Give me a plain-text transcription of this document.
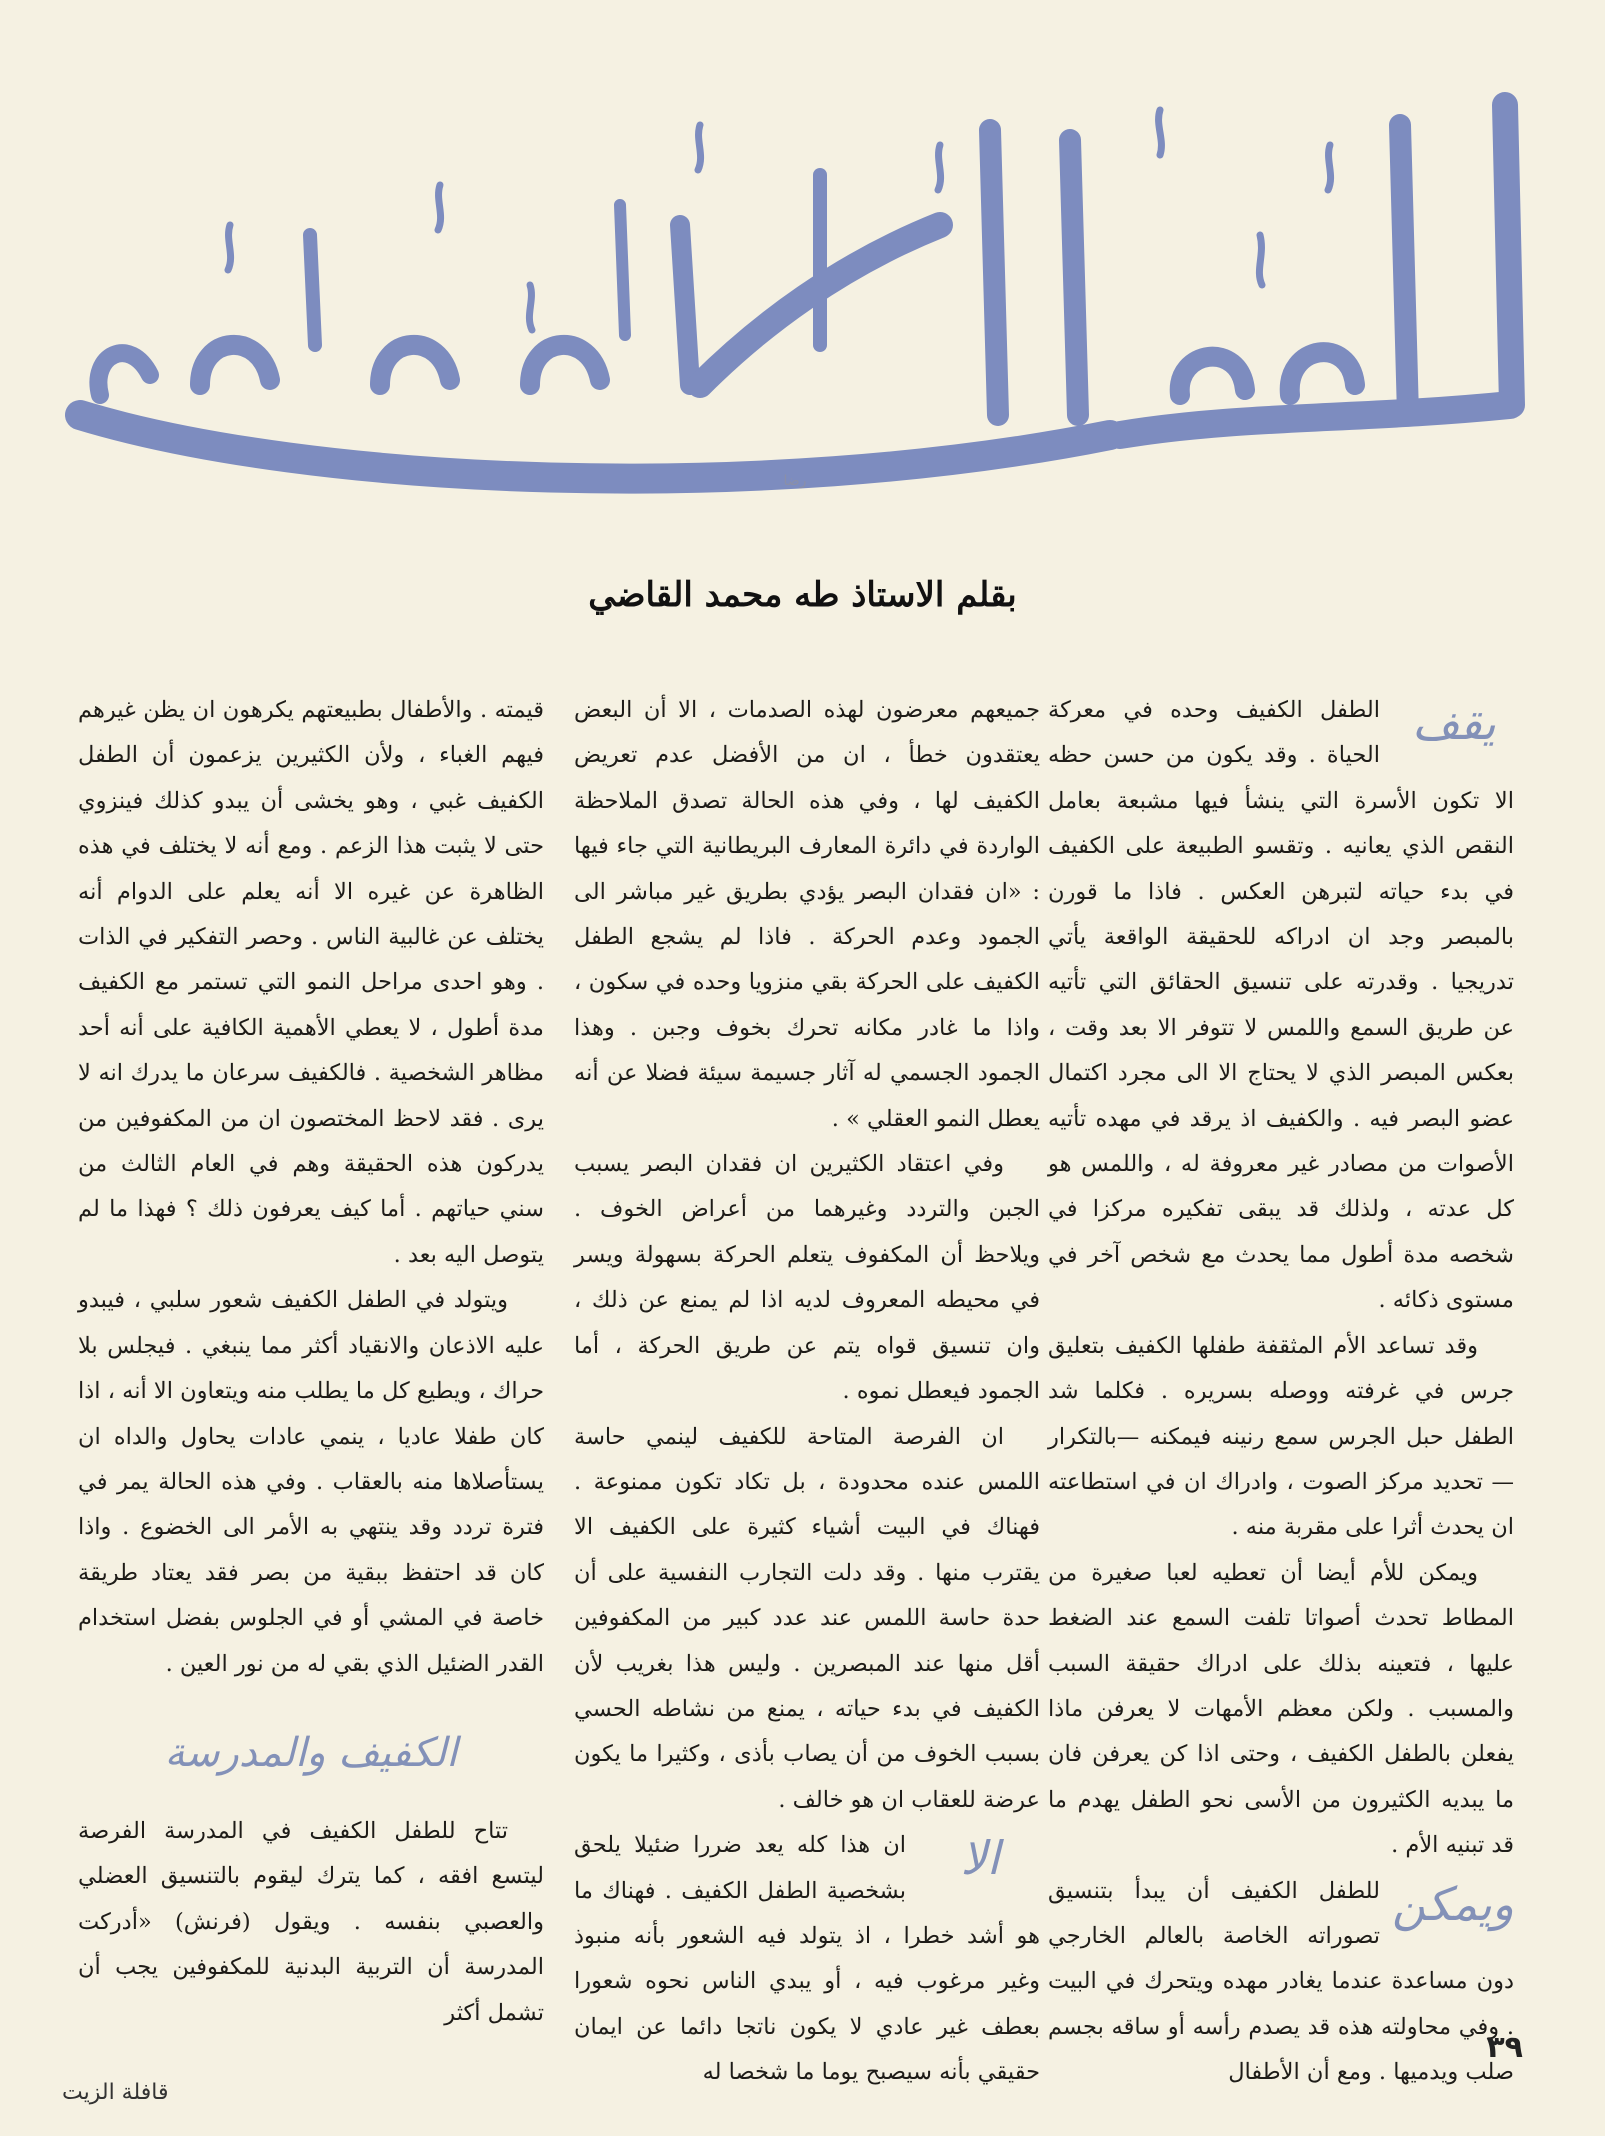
رضا
بقلم الاستاذ طه محمد القاضي
يقف

الطفل الكفيف وحده في معركة الحياة . وقد يكون من حسن حظه الا تكون الأسرة التي ينشأ فيها مشبعة بعامل النقص الذي يعانيه . وتقسو الطبيعة على الكفيف في بدء حياته لتبرهن العكس . فاذا ما قورن بالمبصر وجد ان ادراكه للحقيقة الواقعة يأتي تدريجيا . وقدرته على تنسيق الحقائق التي تأتيه عن طريق السمع واللمس لا تتوفر الا بعد وقت ، بعكس المبصر الذي لا يحتاج الا الى مجرد اكتمال عضو البصر فيه . والكفيف اذ يرقد في مهده تأتيه الأصوات من مصادر غير معروفة له ، واللمس هو كل عدته ، ولذلك قد يبقى تفكيره مركزا في شخصه مدة أطول مما يحدث مع شخص آخر في مستوى ذكائه .

وقد تساعد الأم المثقفة طفلها الكفيف بتعليق جرس في غرفته ووصله بسريره . فكلما شد الطفل حبل الجرس سمع رنينه فيمكنه —بالتكرار— تحديد مركز الصوت ، وادراك ان في استطاعته ان يحدث أثرا على مقربة منه .

ويمكن للأم أيضا أن تعطيه لعبا صغيرة من المطاط تحدث أصواتا تلفت السمع عند الضغط عليها ، فتعينه بذلك على ادراك حقيقة السبب والمسبب . ولكن معظم الأمهات لا يعرفن ماذا يفعلن بالطفل الكفيف ، وحتى اذا كن يعرفن فان ما يبديه الكثيرون من الأسى نحو الطفل يهدم ما قد تبنيه الأم .

ويمكن

للطفل الكفيف أن يبدأ بتنسيق تصوراته الخاصة بالعالم الخارجي دون مساعدة عندما يغادر مهده ويتحرك في البيت . وفي محاولته هذه قد يصدم رأسه أو ساقه بجسم صلب ويدميها . ومع أن الأطفال

جميعهم معرضون لهذه الصدمات ، الا أن البعض يعتقدون خطأ ، ان من الأفضل عدم تعريض الكفيف لها ، وفي هذه الحالة تصدق الملاحظة الواردة في دائرة المعارف البريطانية التي جاء فيها : «ان فقدان البصر يؤدي بطريق غير مباشر الى الجمود وعدم الحركة . فاذا لم يشجع الطفل الكفيف على الحركة بقي منزويا وحده في سكون ، واذا ما غادر مكانه تحرك بخوف وجبن . وهذا الجمود الجسمي له آثار جسيمة سيئة فضلا عن أنه يعطل النمو العقلي » .

وفي اعتقاد الكثيرين ان فقدان البصر يسبب الجبن والتردد وغيرهما من أعراض الخوف . ويلاحظ أن المكفوف يتعلم الحركة بسهولة ويسر في محيطه المعروف لديه اذا لم يمنع عن ذلك ، وان تنسيق قواه يتم عن طريق الحركة ، أما الجمود فيعطل نموه .

ان الفرصة المتاحة للكفيف لينمي حاسة اللمس عنده محدودة ، بل تكاد تكون ممنوعة . فهناك في البيت أشياء كثيرة على الكفيف الا يقترب منها . وقد دلت التجارب النفسية على أن حدة حاسة اللمس عند عدد كبير من المكفوفين أقل منها عند المبصرين . وليس هذا بغريب لأن الكفيف في بدء حياته ، يمنع من نشاطه الحسي بسبب الخوف من أن يصاب بأذى ، وكثيرا ما يكون عرضة للعقاب ان هو خالف .

الا

ان هذا كله يعد ضررا ضئيلا يلحق بشخصية الطفل الكفيف . فهناك ما هو أشد خطرا ، اذ يتولد فيه الشعور بأنه منبوذ وغير مرغوب فيه ، أو يبدي الناس نحوه شعورا بعطف غير عادي لا يكون ناتجا دائما عن ايمان حقيقي بأنه سيصبح يوما ما شخصا له

قيمته . والأطفال بطبيعتهم يكرهون ان يظن غيرهم فيهم الغباء ، ولأن الكثيرين يزعمون أن الطفل الكفيف غبي ، وهو يخشى أن يبدو كذلك فينزوي حتى لا يثبت هذا الزعم . ومع أنه لا يختلف في هذه الظاهرة عن غيره الا أنه يعلم على الدوام أنه يختلف عن غالبية الناس . وحصر التفكير في الذات . وهو احدى مراحل النمو التي تستمر مع الكفيف مدة أطول ، لا يعطي الأهمية الكافية على أنه أحد مظاهر الشخصية . فالكفيف سرعان ما يدرك انه لا يرى . فقد لاحظ المختصون ان من المكفوفين من يدركون هذه الحقيقة وهم في العام الثالث من سني حياتهم . أما كيف يعرفون ذلك ؟ فهذا ما لم يتوصل اليه بعد .

ويتولد في الطفل الكفيف شعور سلبي ، فيبدو عليه الاذعان والانقياد أكثر مما ينبغي . فيجلس بلا حراك ، ويطيع كل ما يطلب منه ويتعاون الا أنه ، اذا كان طفلا عاديا ، ينمي عادات يحاول والداه ان يستأصلاها منه بالعقاب . وفي هذه الحالة يمر في فترة تردد وقد ينتهي به الأمر الى الخضوع . واذا كان قد احتفظ ببقية من بصر فقد يعتاد طريقة خاصة في المشي أو في الجلوس بفضل استخدام القدر الضئيل الذي بقي له من نور العين .

الكفيف والمدرسة

تتاح للطفل الكفيف في المدرسة الفرصة ليتسع افقه ، كما يترك ليقوم بالتنسيق العضلي والعصبي بنفسه . ويقول (فرنش) «أدركت المدرسة أن التربية البدنية للمكفوفين يجب أن تشمل أكثر

٣٩
قافلة الزيت
